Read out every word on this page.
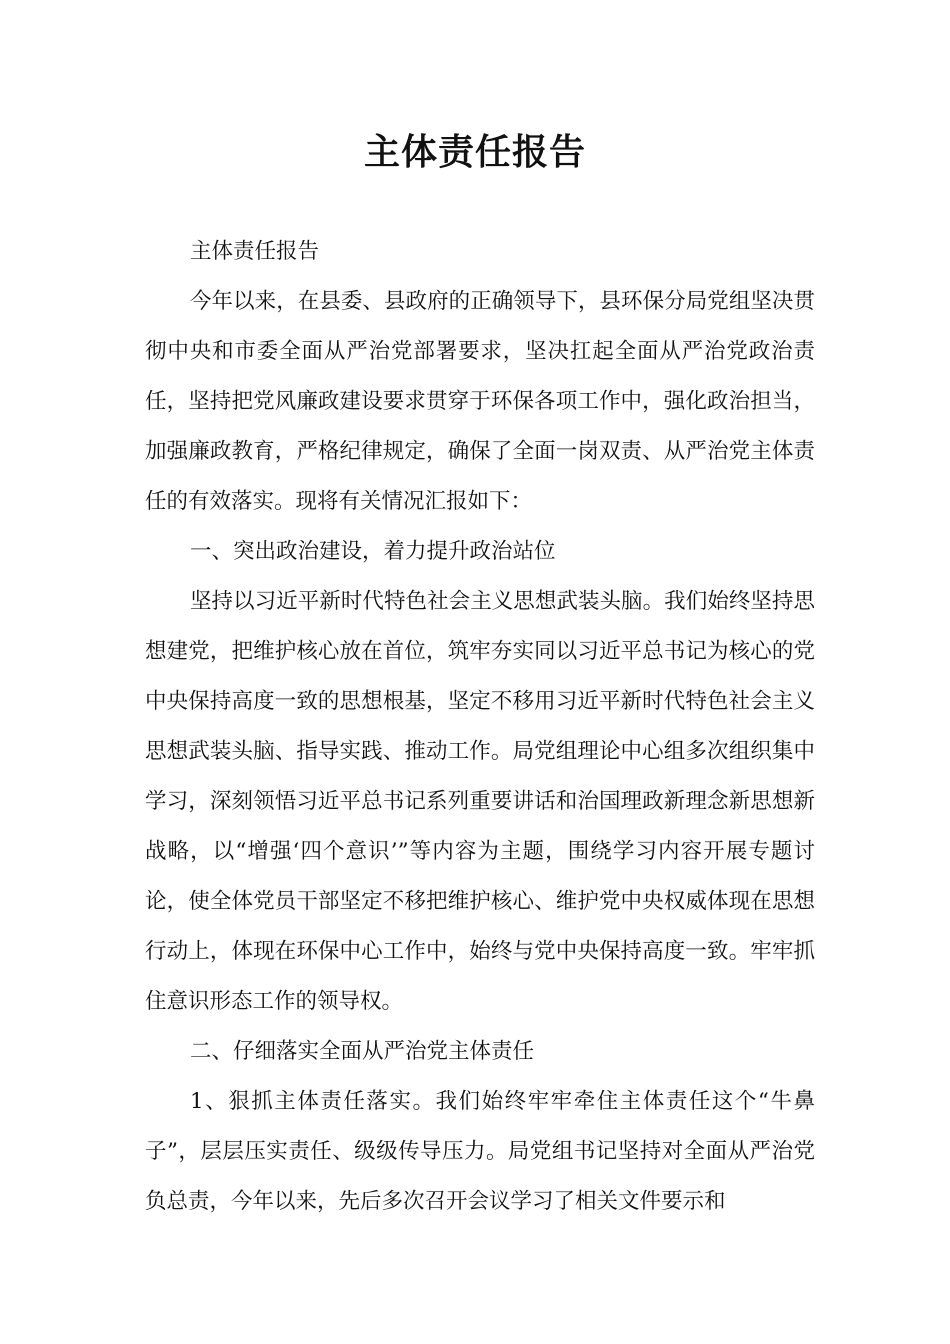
主体责任报告

主体责任报告

今年以来，在县委、县政府的正确领导下，县环保分局党组坚决贯彻中央和市委全面从严治党部署要求，坚决扛起全面从严治党政治责任，坚持把党风廉政建设要求贯穿于环保各项工作中，强化政治担当，加强廉政教育，严格纪律规定，确保了全面一岗双责、从严治党主体责任的有效落实。现将有关情况汇报如下：

一、突出政治建设，着力提升政治站位

坚持以习近平新时代特色社会主义思想武装头脑。我们始终坚持思想建党，把维护核心放在首位，筑牢夯实同以习近平总书记为核心的党中央保持高度一致的思想根基，坚定不移用习近平新时代特色社会主义思想武装头脑、指导实践、推动工作。局党组理论中心组多次组织集中学习，深刻领悟习近平总书记系列重要讲话和治国理政新理念新思想新战略，以“增强‘四个意识’”等内容为主题，围绕学习内容开展专题讨论，使全体党员干部坚定不移把维护核心、维护党中央权威体现在思想行动上，体现在环保中心工作中，始终与党中央保持高度一致。牢牢抓住意识形态工作的领导权。

二、仔细落实全面从严治党主体责任

1、狠抓主体责任落实。我们始终牢牢牵住主体责任这个“牛鼻子”，层层压实责任、级级传导压力。局党组书记坚持对全面从严治党负总责，今年以来，先后多次召开会议学习了相关文件要示和
